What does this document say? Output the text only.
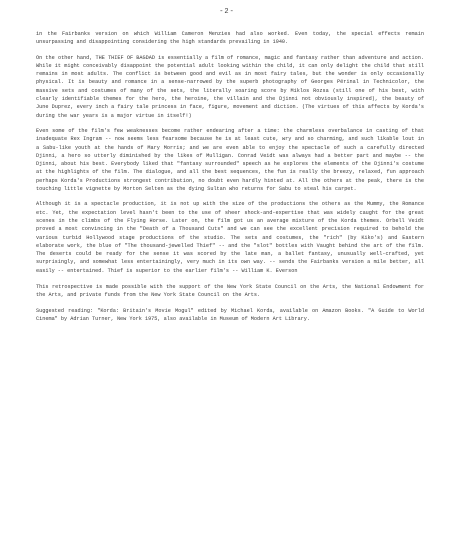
-2-

in the Fairbanks version on which William Cameron Menzies had also worked. Even today, the special effects remain unsurpassing and disappointing considering the high standards prevailing in 1940.

On the other hand, THE THIEF OF BAGDAD is essentially a film of romance, magic and fantasy rather than adventure and action. While it might conceivably disappoint the potential adult looking within the child, it can only delight the child that still remains in most adults. The conflict is between good and evil as in most fairy tales, but the wonder is only occasionally physical. It is beauty and romance in a sense-narrowed by the superb photography of Georges Périnal in Technicolor, the massive sets and costumes of many of the sets, the literally soaring score by Miklos Rozsa (still one of his best, with clearly identifiable themes for the hero, the heroine, the villain and the Djinni not obviously inspired), the beauty of June Duprez, every inch a fairy tale princess in face, figure, movement and diction. (The virtues of this affects by Korda's during the war years is a major virtue in itself!)

Even some of the film's few weaknesses become rather endearing after a time: the charmless overbalance in casting of that inadequate Rex Ingram -- now seems less fearsome because he is at least cute, wry and so charming, and such likable lout in a Sabu-like youth at the hands of Mary Morris; and we are even able to enjoy the spectacle of such a carefully directed Djinni, a hero so utterly diminished by the likes of Mulligan. Conrad Veidt was always had a better part and maybe -- the Djinni, about his best. Everybody liked that "fantasy surrounded" speech as he explores the elements of the Djinni's costume at the highlights of the film. The dialogue, and all the best sequences, the fun is really the breezy, relaxed, fun approach perhaps Korda's Productions strongest contribution, no doubt even hardly hinted at. All the others at the peak, there is the touching little vignette by Morton Selten as the dying Sultan who returns for Sabu to steal his carpet.

Although it is a spectacle production, it is not up with the size of the productions the others as the Mummy, the Romance etc. Yet, the expectation level hasn't been to the use of sheer shock-and-expertise that was widely caught for the great scenes in the climbs of the Flying Horse. Later on, the film got us an average mixture of the Korda themes. Orbell Veidt proved a most convincing in the "Death of a Thousand Cuts" and we can see the excellent precision required to behold the various turbid Hollywood stage productions of the studio. The sets and costumes, the "rich" (by Kiko's) and Eastern elaborate work, the blue of "The thousand-jewelled Thief" -- and the "slot" bottles with Vaught behind the art of the film. The deserts could be ready for the sense it was scored by the late man, a ballet fantasy, unusually well-crafted, yet surprisingly, and somewhat less entertainingly, very much in its own way. -- sends the Fairbanks version a mile better, all easily -- entertained. Thief is superior to the earlier film's -- William K. Everson

This retrospective is made possible with the support of the New York State Council on the Arts, the National Endowment for the Arts, and private funds from the New York State Council on the Arts.

Suggested reading: "Korda: Britain's Movie Mogul" edited by Michael Korda, available on Amazon Books. "A Guide to World Cinema" by Adrian Turner, New York 1975, also available in Museum of Modern Art Library.
